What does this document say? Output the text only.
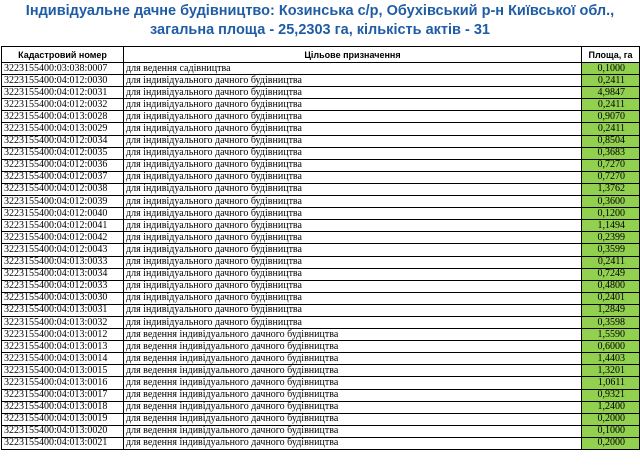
Індивідуальне дачне будівництво: Козинська с/р, Обухівський р-н Київської обл.,
загальна площа - 25,2303 га, кількість актів - 31
Кадастровий номер	Цільове призначення	Площа, га
3223155400:03:038:0007	для ведення садівництва	0,1000
3223155400:04:012:0030	для індивідуального дачного будівництва	0,2411
3223155400:04:012:0031	для індивідуального дачного будівництва	4,9847
3223155400:04:012:0032	для індивідуального дачного будівництва	0,2411
3223155400:04:013:0028	для індивідуального дачного будівництва	0,9070
3223155400:04:013:0029	для індивідуального дачного будівництва	0,2411
3223155400:04:012:0034	для індивідуального дачного будівництва	0,8504
3223155400:04:012:0035	для індивідуального дачного будівництва	0,3683
3223155400:04:012:0036	для індивідуального дачного будівництва	0,7270
3223155400:04:012:0037	для індивідуального дачного будівництва	0,7270
3223155400:04:012:0038	для індивідуального дачного будівництва	1,3762
3223155400:04:012:0039	для індивідуального дачного будівництва	0,3600
3223155400:04:012:0040	для індивідуального дачного будівництва	0,1200
3223155400:04:012:0041	для індивідуального дачного будівництва	1,1494
3223155400:04:012:0042	для індивідуального дачного будівництва	0,2399
3223155400:04:012:0043	для індивідуального дачного будівництва	0,3599
3223155400:04:013:0033	для індивідуального дачного будівництва	0,2411
3223155400:04:013:0034	для індивідуального дачного будівництва	0,7249
3223155400:04:012:0033	для індивідуального дачного будівництва	0,4800
3223155400:04:013:0030	для індивідуального дачного будівництва	0,2401
3223155400:04:013:0031	для індивідуального дачного будівництва	1,2849
3223155400:04:013:0032	для індивідуального дачного будівництва	0,3598
3223155400:04:013:0012	для ведення індивідуального дачного будівництва	1,5590
3223155400:04:013:0013	для ведення індивідуального дачного будівництва	0,6000
3223155400:04:013:0014	для ведення індивідуального дачного будівництва	1,4403
3223155400:04:013:0015	для ведення індивідуального дачного будівництва	1,3201
3223155400:04:013:0016	для ведення індивідуального дачного будівництва	1,0611
3223155400:04:013:0017	для ведення індивідуального дачного будівництва	0,9321
3223155400:04:013:0018	для ведення індивідуального дачного будівництва	1,2400
3223155400:04:013:0019	для ведення індивідуального дачного будівництва	0,2000
3223155400:04:013:0020	для ведення індивідуального дачного будівництва	0,1000
3223155400:04:013:0021	для ведення індивідуального дачного будівництва	0,2000
